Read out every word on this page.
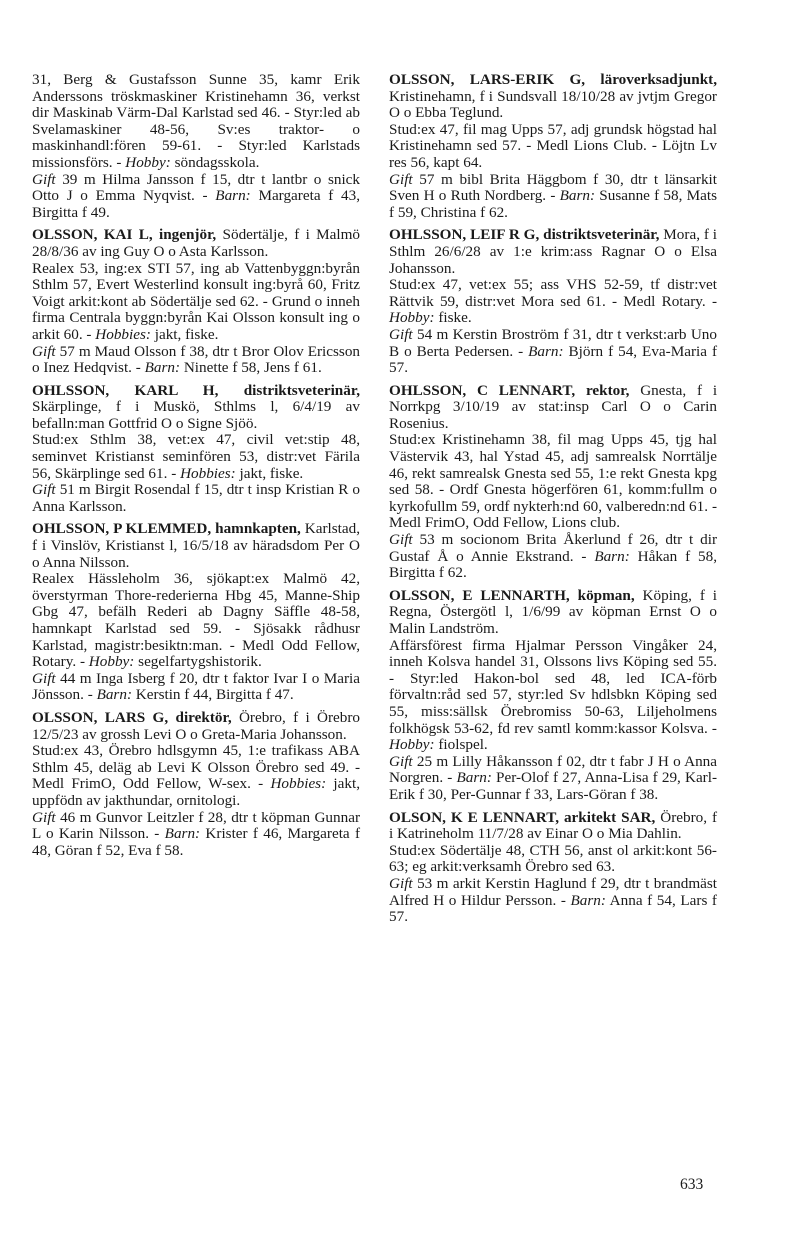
31, Berg & Gustafsson Sunne 35, kamr Erik Anderssons tröskmaskiner Kristinehamn 36, verkst dir Maskinab Värm-Dal Karlstad sed 46. - Styr:led ab Svelamaskiner 48-56, Sv:es traktor- o maskinhandl:fören 59-61. - Styr:led Karlstads missionsförs. - Hobby: söndagsskola.

Gift 39 m Hilma Jansson f 15, dtr t lantbr o snick Otto J o Emma Nyqvist. - Barn: Margareta f 43, Birgitta f 49.

OLSSON, KAI L, ingenjör, Södertälje, f i Malmö 28/8/36 av ing Guy O o Asta Karlsson.

Realex 53, ing:ex STI 57, ing ab Vattenbyggn:byrån Sthlm 57, Evert Westerlind konsult ing:byrå 60, Fritz Voigt arkit:kont ab Södertälje sed 62. - Grund o inneh firma Centrala byggn:byrån Kai Olsson konsult ing o arkit 60. - Hobbies: jakt, fiske.

Gift 57 m Maud Olsson f 38, dtr t Bror Olov Ericsson o Inez Hedqvist. - Barn: Ninette f 58, Jens f 61.

OHLSSON, KARL H, distriktsveterinär, Skärplinge, f i Muskö, Sthlms l, 6/4/19 av befalln:man Gottfrid O o Signe Sjöö.

Stud:ex Sthlm 38, vet:ex 47, civil vet:stip 48, seminvet Kristianst seminfören 53, distr:vet Färila 56, Skärplinge sed 61. - Hobbies: jakt, fiske.

Gift 51 m Birgit Rosendal f 15, dtr t insp Kristian R o Anna Karlsson.

OHLSSON, P KLEMMED, hamnkapten, Karlstad, f i Vinslöv, Kristianst l, 16/5/18 av häradsdom Per O o Anna Nilsson.

Realex Hässleholm 36, sjökapt:ex Malmö 42, överstyrman Thore-rederierna Hbg 45, Manne-Ship Gbg 47, befälh Rederi ab Dagny Säffle 48-58, hamnkapt Karlstad sed 59. - Sjösakk rådhusr Karlstad, magistr:besiktn:man. - Medl Odd Fellow, Rotary. - Hobby: segelfartygshistorik.

Gift 44 m Inga Isberg f 20, dtr t faktor Ivar I o Maria Jönsson. - Barn: Kerstin f 44, Birgitta f 47.

OLSSON, LARS G, direktör, Örebro, f i Örebro 12/5/23 av grossh Levi O o Greta-Maria Johansson.

Stud:ex 43, Örebro hdlsgymn 45, 1:e trafikass ABA Sthlm 45, deläg ab Levi K Olsson Örebro sed 49. - Medl FrimO, Odd Fellow, W-sex. - Hobbies: jakt, uppfödn av jakthundar, ornitologi.

Gift 46 m Gunvor Leitzler f 28, dtr t köpman Gunnar L o Karin Nilsson. - Barn: Krister f 46, Margareta f 48, Göran f 52, Eva f 58.

OLSSON, LARS-ERIK G, läroverksadjunkt, Kristinehamn, f i Sundsvall 18/10/28 av jvtjm Gregor O o Ebba Teglund.

Stud:ex 47, fil mag Upps 57, adj grundsk högstad hal Kristinehamn sed 57. - Medl Lions Club. - Löjtn Lv res 56, kapt 64.

Gift 57 m bibl Brita Häggbom f 30, dtr t länsarkit Sven H o Ruth Nordberg. - Barn: Susanne f 58, Mats f 59, Christina f 62.

OHLSSON, LEIF R G, distriktsveterinär, Mora, f i Sthlm 26/6/28 av 1:e krim:ass Ragnar O o Elsa Johansson.

Stud:ex 47, vet:ex 55; ass VHS 52-59, tf distr:vet Rättvik 59, distr:vet Mora sed 61. - Medl Rotary. - Hobby: fiske.

Gift 54 m Kerstin Broström f 31, dtr t verkst:arb Uno B o Berta Pedersen. - Barn: Björn f 54, Eva-Maria f 57.

OHLSSON, C LENNART, rektor, Gnesta, f i Norrkpg 3/10/19 av stat:insp Carl O o Carin Rosenius.

Stud:ex Kristinehamn 38, fil mag Upps 45, tjg hal Västervik 43, hal Ystad 45, adj samrealsk Norrtälje 46, rekt samrealsk Gnesta sed 55, 1:e rekt Gnesta kpg sed 58. - Ordf Gnesta högerfören 61, komm:fullm o kyrkofullm 59, ordf nykterh:nd 60, valberedn:nd 61. - Medl FrimO, Odd Fellow, Lions club.

Gift 53 m socionom Brita Åkerlund f 26, dtr t dir Gustaf Å o Annie Ekstrand. - Barn: Håkan f 58, Birgitta f 62.

OLSSON, E LENNARTH, köpman, Köping, f i Regna, Östergötl l, 1/6/99 av köpman Ernst O o Malin Landström.

Affärsförest firma Hjalmar Persson Vingåker 24, inneh Kolsva handel 31, Olssons livs Köping sed 55. - Styr:led Hakon-bol sed 48, led ICA-förb förvaltn:råd sed 57, styr:led Sv hdlsbkn Köping sed 55, miss:sällsk Örebromiss 50-63, Liljeholmens folkhögsk 53-62, fd rev samtl komm:kassor Kolsva. - Hobby: fiolspel.

Gift 25 m Lilly Håkansson f 02, dtr t fabr J H o Anna Norgren. - Barn: Per-Olof f 27, Anna-Lisa f 29, Karl-Erik f 30, Per-Gunnar f 33, Lars-Göran f 38.

OLSON, K E LENNART, arkitekt SAR, Örebro, f i Katrineholm 11/7/28 av Einar O o Mia Dahlin.

Stud:ex Södertälje 48, CTH 56, anst ol arkit:kont 56-63; eg arkit:verksamh Örebro sed 63.

Gift 53 m arkit Kerstin Haglund f 29, dtr t brandmäst Alfred H o Hildur Persson. - Barn: Anna f 54, Lars f 57.

633
